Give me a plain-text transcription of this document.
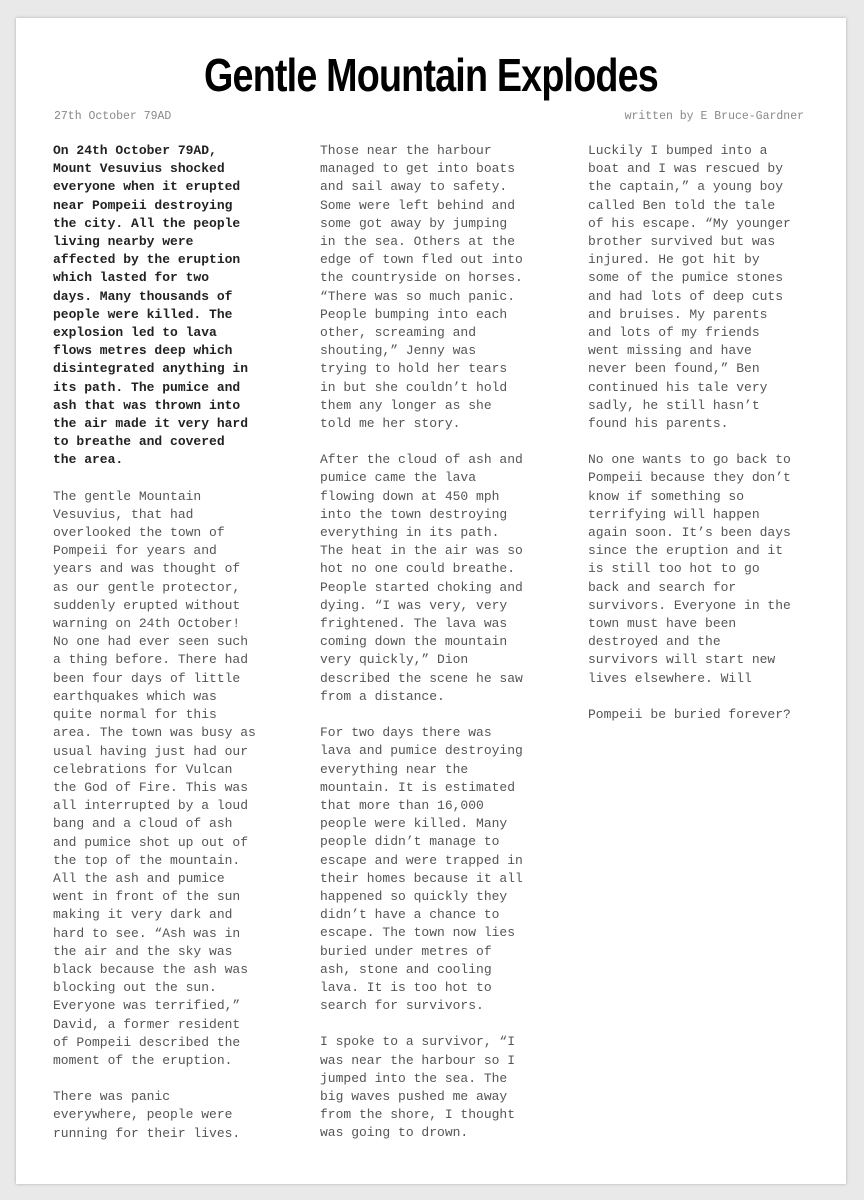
Gentle Mountain Explodes
27th October 79AD	written by E Bruce-Gardner

On 24th October 79AD,
Mount Vesuvius shocked
everyone when it erupted
near Pompeii destroying
the city. All the people
living nearby were
affected by the eruption
which lasted for two
days. Many thousands of
people were killed. The
explosion led to lava
flows metres deep which
disintegrated anything in
its path. The pumice and
ash that was thrown into
the air made it very hard
to breathe and covered
the area.

The gentle Mountain
Vesuvius, that had
overlooked the town of
Pompeii for years and
years and was thought of
as our gentle protector,
suddenly erupted without
warning on 24th October!
No one had ever seen such
a thing before. There had
been four days of little
earthquakes which was
quite normal for this
area. The town was busy as
usual having just had our
celebrations for Vulcan
the God of Fire. This was
all interrupted by a loud
bang and a cloud of ash
and pumice shot up out of
the top of the mountain.
All the ash and pumice
went in front of the sun
making it very dark and
hard to see. “Ash was in
the air and the sky was
black because the ash was
blocking out the sun.
Everyone was terrified,”
David, a former resident
of Pompeii described the
moment of the eruption.

There was panic
everywhere, people were
running for their lives.

Those near the harbour
managed to get into boats
and sail away to safety.
Some were left behind and
some got away by jumping
in the sea. Others at the
edge of town fled out into
the countryside on horses.
“There was so much panic.
People bumping into each
other, screaming and
shouting,” Jenny was
trying to hold her tears
in but she couldn’t hold
them any longer as she
told me her story.

After the cloud of ash and
pumice came the lava
flowing down at 450 mph
into the town destroying
everything in its path.
The heat in the air was so
hot no one could breathe.
People started choking and
dying. “I was very, very
frightened. The lava was
coming down the mountain
very quickly,” Dion
described the scene he saw
from a distance.

For two days there was
lava and pumice destroying
everything near the
mountain. It is estimated
that more than 16,000
people were killed. Many
people didn’t manage to
escape and were trapped in
their homes because it all
happened so quickly they
didn’t have a chance to
escape. The town now lies
buried under metres of
ash, stone and cooling
lava. It is too hot to
search for survivors.

I spoke to a survivor, “I
was near the harbour so I
jumped into the sea. The
big waves pushed me away
from the shore, I thought
was going to drown.

Luckily I bumped into a
boat and I was rescued by
the captain,” a young boy
called Ben told the tale
of his escape. “My younger
brother survived but was
injured. He got hit by
some of the pumice stones
and had lots of deep cuts
and bruises. My parents
and lots of my friends
went missing and have
never been found,” Ben
continued his tale very
sadly, he still hasn’t
found his parents.

No one wants to go back to
Pompeii because they don’t
know if something so
terrifying will happen
again soon. It’s been days
since the eruption and it
is still too hot to go
back and search for
survivors. Everyone in the
town must have been
destroyed and the
survivors will start new
lives elsewhere. Will

Pompeii be buried forever?
